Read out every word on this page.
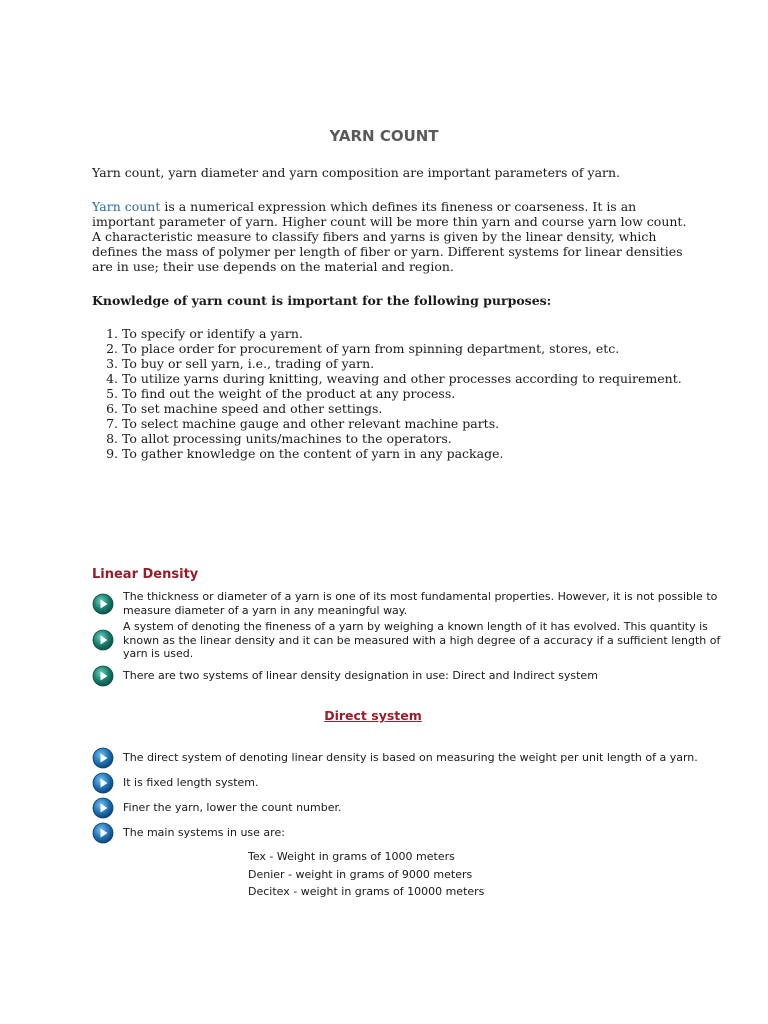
YARN COUNT
Yarn count, yarn diameter and yarn composition are important parameters of yarn.
Yarn count is a numerical expression which defines its fineness or coarseness. It is an important parameter of yarn. Higher count will be more thin yarn and course yarn low count. A characteristic measure to classify fibers and yarns is given by the linear density, which defines the mass of polymer per length of fiber or yarn. Different systems for linear densities are in use; their use depends on the material and region.
Knowledge of yarn count is important for the following purposes:
1. To specify or identify a yarn.
2. To place order for procurement of yarn from spinning department, stores, etc.
3. To buy or sell yarn, i.e., trading of yarn.
4. To utilize yarns during knitting, weaving and other processes according to requirement.
5. To find out the weight of the product at any process.
6. To set machine speed and other settings.
7. To select machine gauge and other relevant machine parts.
8. To allot processing units/machines to the operators.
9. To gather knowledge on the content of yarn in any package.
Linear Density
The thickness or diameter of a yarn is one of its most fundamental properties. However, it is not possible to measure diameter of a yarn in any meaningful way.
A system of denoting the fineness of a yarn by weighing a known length of it has evolved. This quantity is known as the linear density and it can be measured with a high degree of a accuracy if a sufficient length of yarn is used.
There are two systems of linear density designation in use: Direct and Indirect system
Direct system
The direct system of denoting linear density is based on measuring the weight per unit length of a yarn.
It is fixed length system.
Finer the yarn, lower the count number.
The main systems in use are:
Tex - Weight in grams of 1000 meters
Denier - weight in grams of 9000 meters
Decitex - weight in grams of 10000 meters
